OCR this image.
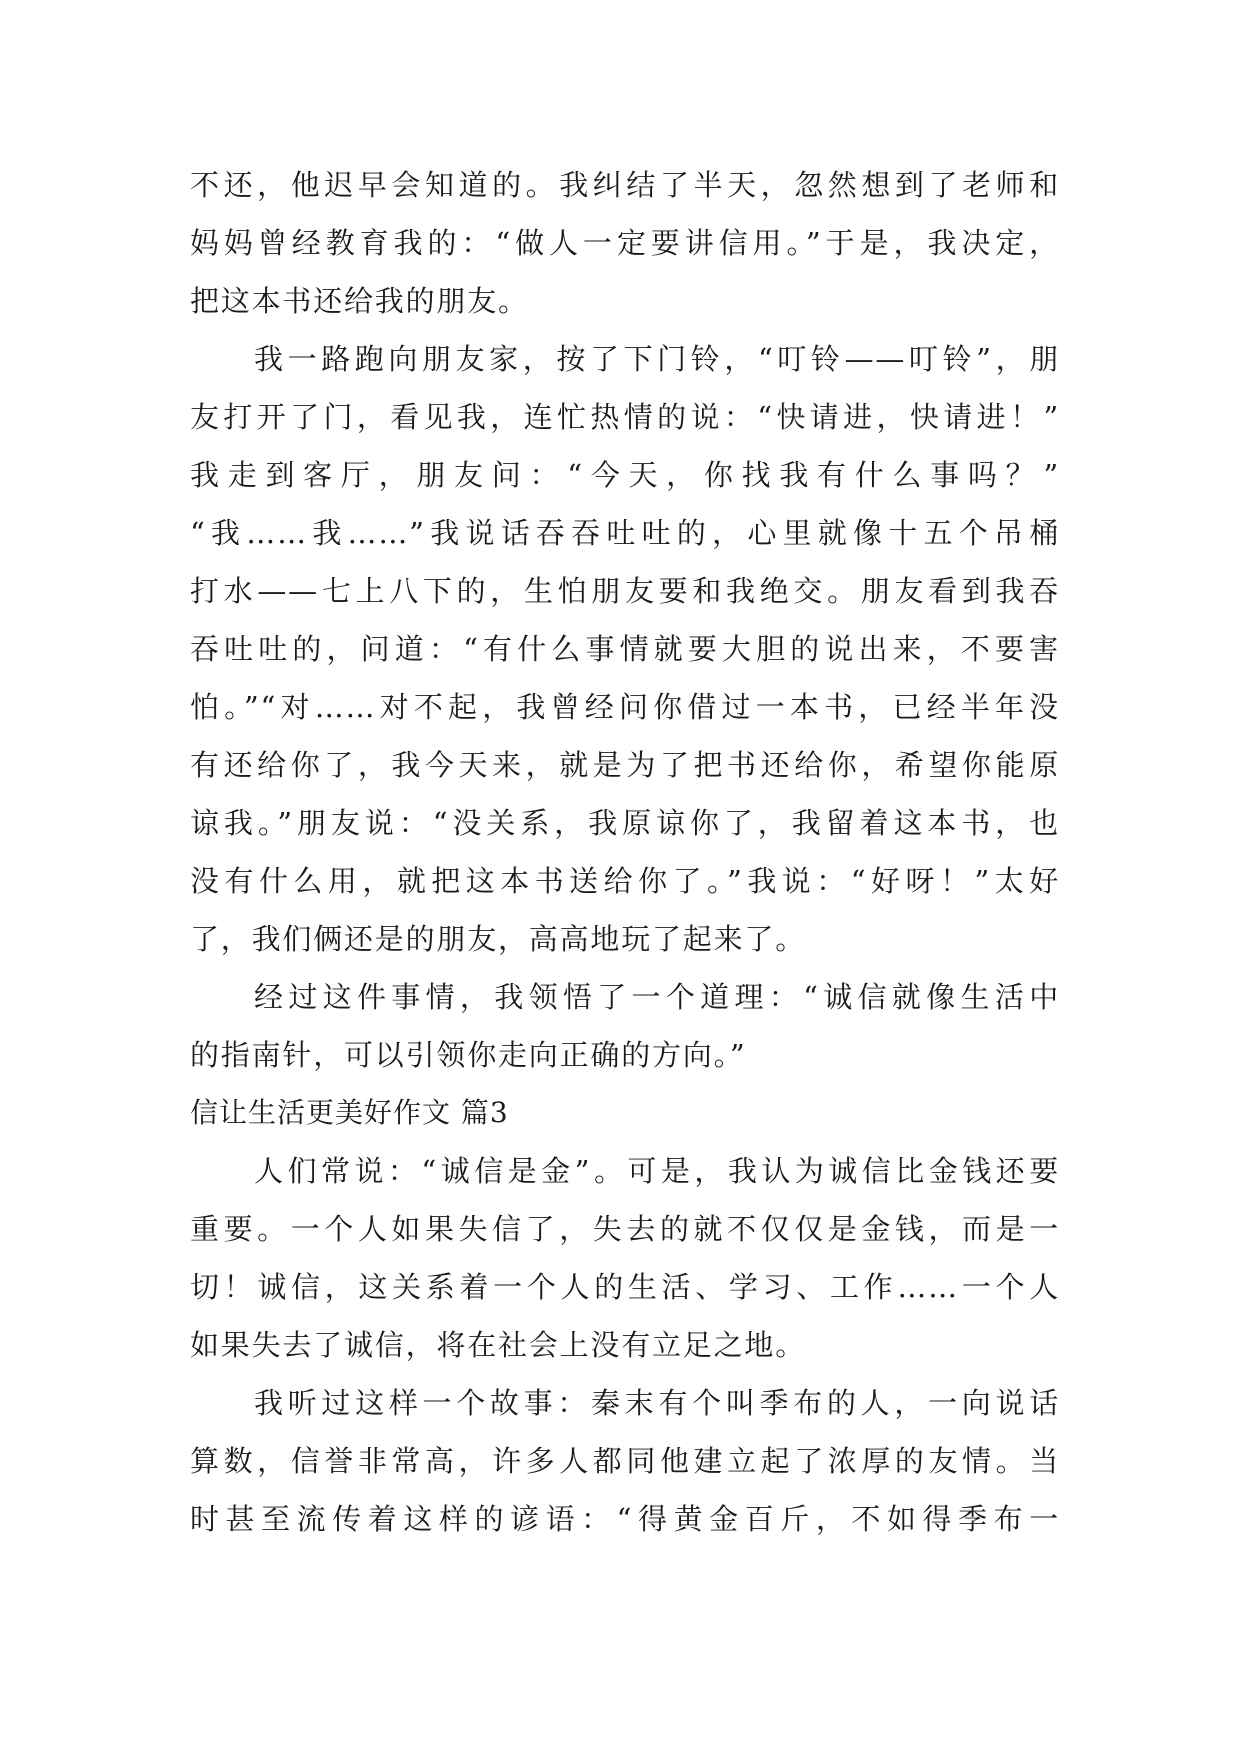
不还，他迟早会知道的。我纠结了半天，忽然想到了老师和
妈妈曾经教育我的：“做人一定要讲信用。”于是，我决定，
把这本书还给我的朋友。
我一路跑向朋友家，按了下门铃，“叮铃——叮铃”，朋
友打开了门，看见我，连忙热情的说：“快请进，快请进！”
我走到客厅，朋友问：“今天，你找我有什么事吗？”
“我……我……”我说话吞吞吐吐的，心里就像十五个吊桶
打水——七上八下的，生怕朋友要和我绝交。朋友看到我吞
吞吐吐的，问道：“有什么事情就要大胆的说出来，不要害
怕。”“对……对不起，我曾经问你借过一本书，已经半年没
有还给你了，我今天来，就是为了把书还给你，希望你能原
谅我。”朋友说：“没关系，我原谅你了，我留着这本书，也
没有什么用，就把这本书送给你了。”我说：“好呀！”太好
了，我们俩还是的朋友，高高地玩了起来了。
经过这件事情，我领悟了一个道理：“诚信就像生活中
的指南针，可以引领你走向正确的方向。”
信让生活更美好作文 篇3
人们常说：“诚信是金”。可是，我认为诚信比金钱还要
重要。一个人如果失信了，失去的就不仅仅是金钱，而是一
切！诚信，这关系着一个人的生活、学习、工作……一个人
如果失去了诚信，将在社会上没有立足之地。
我听过这样一个故事：秦末有个叫季布的人，一向说话
算数，信誉非常高，许多人都同他建立起了浓厚的友情。当
时甚至流传着这样的谚语：“得黄金百斤，不如得季布一
